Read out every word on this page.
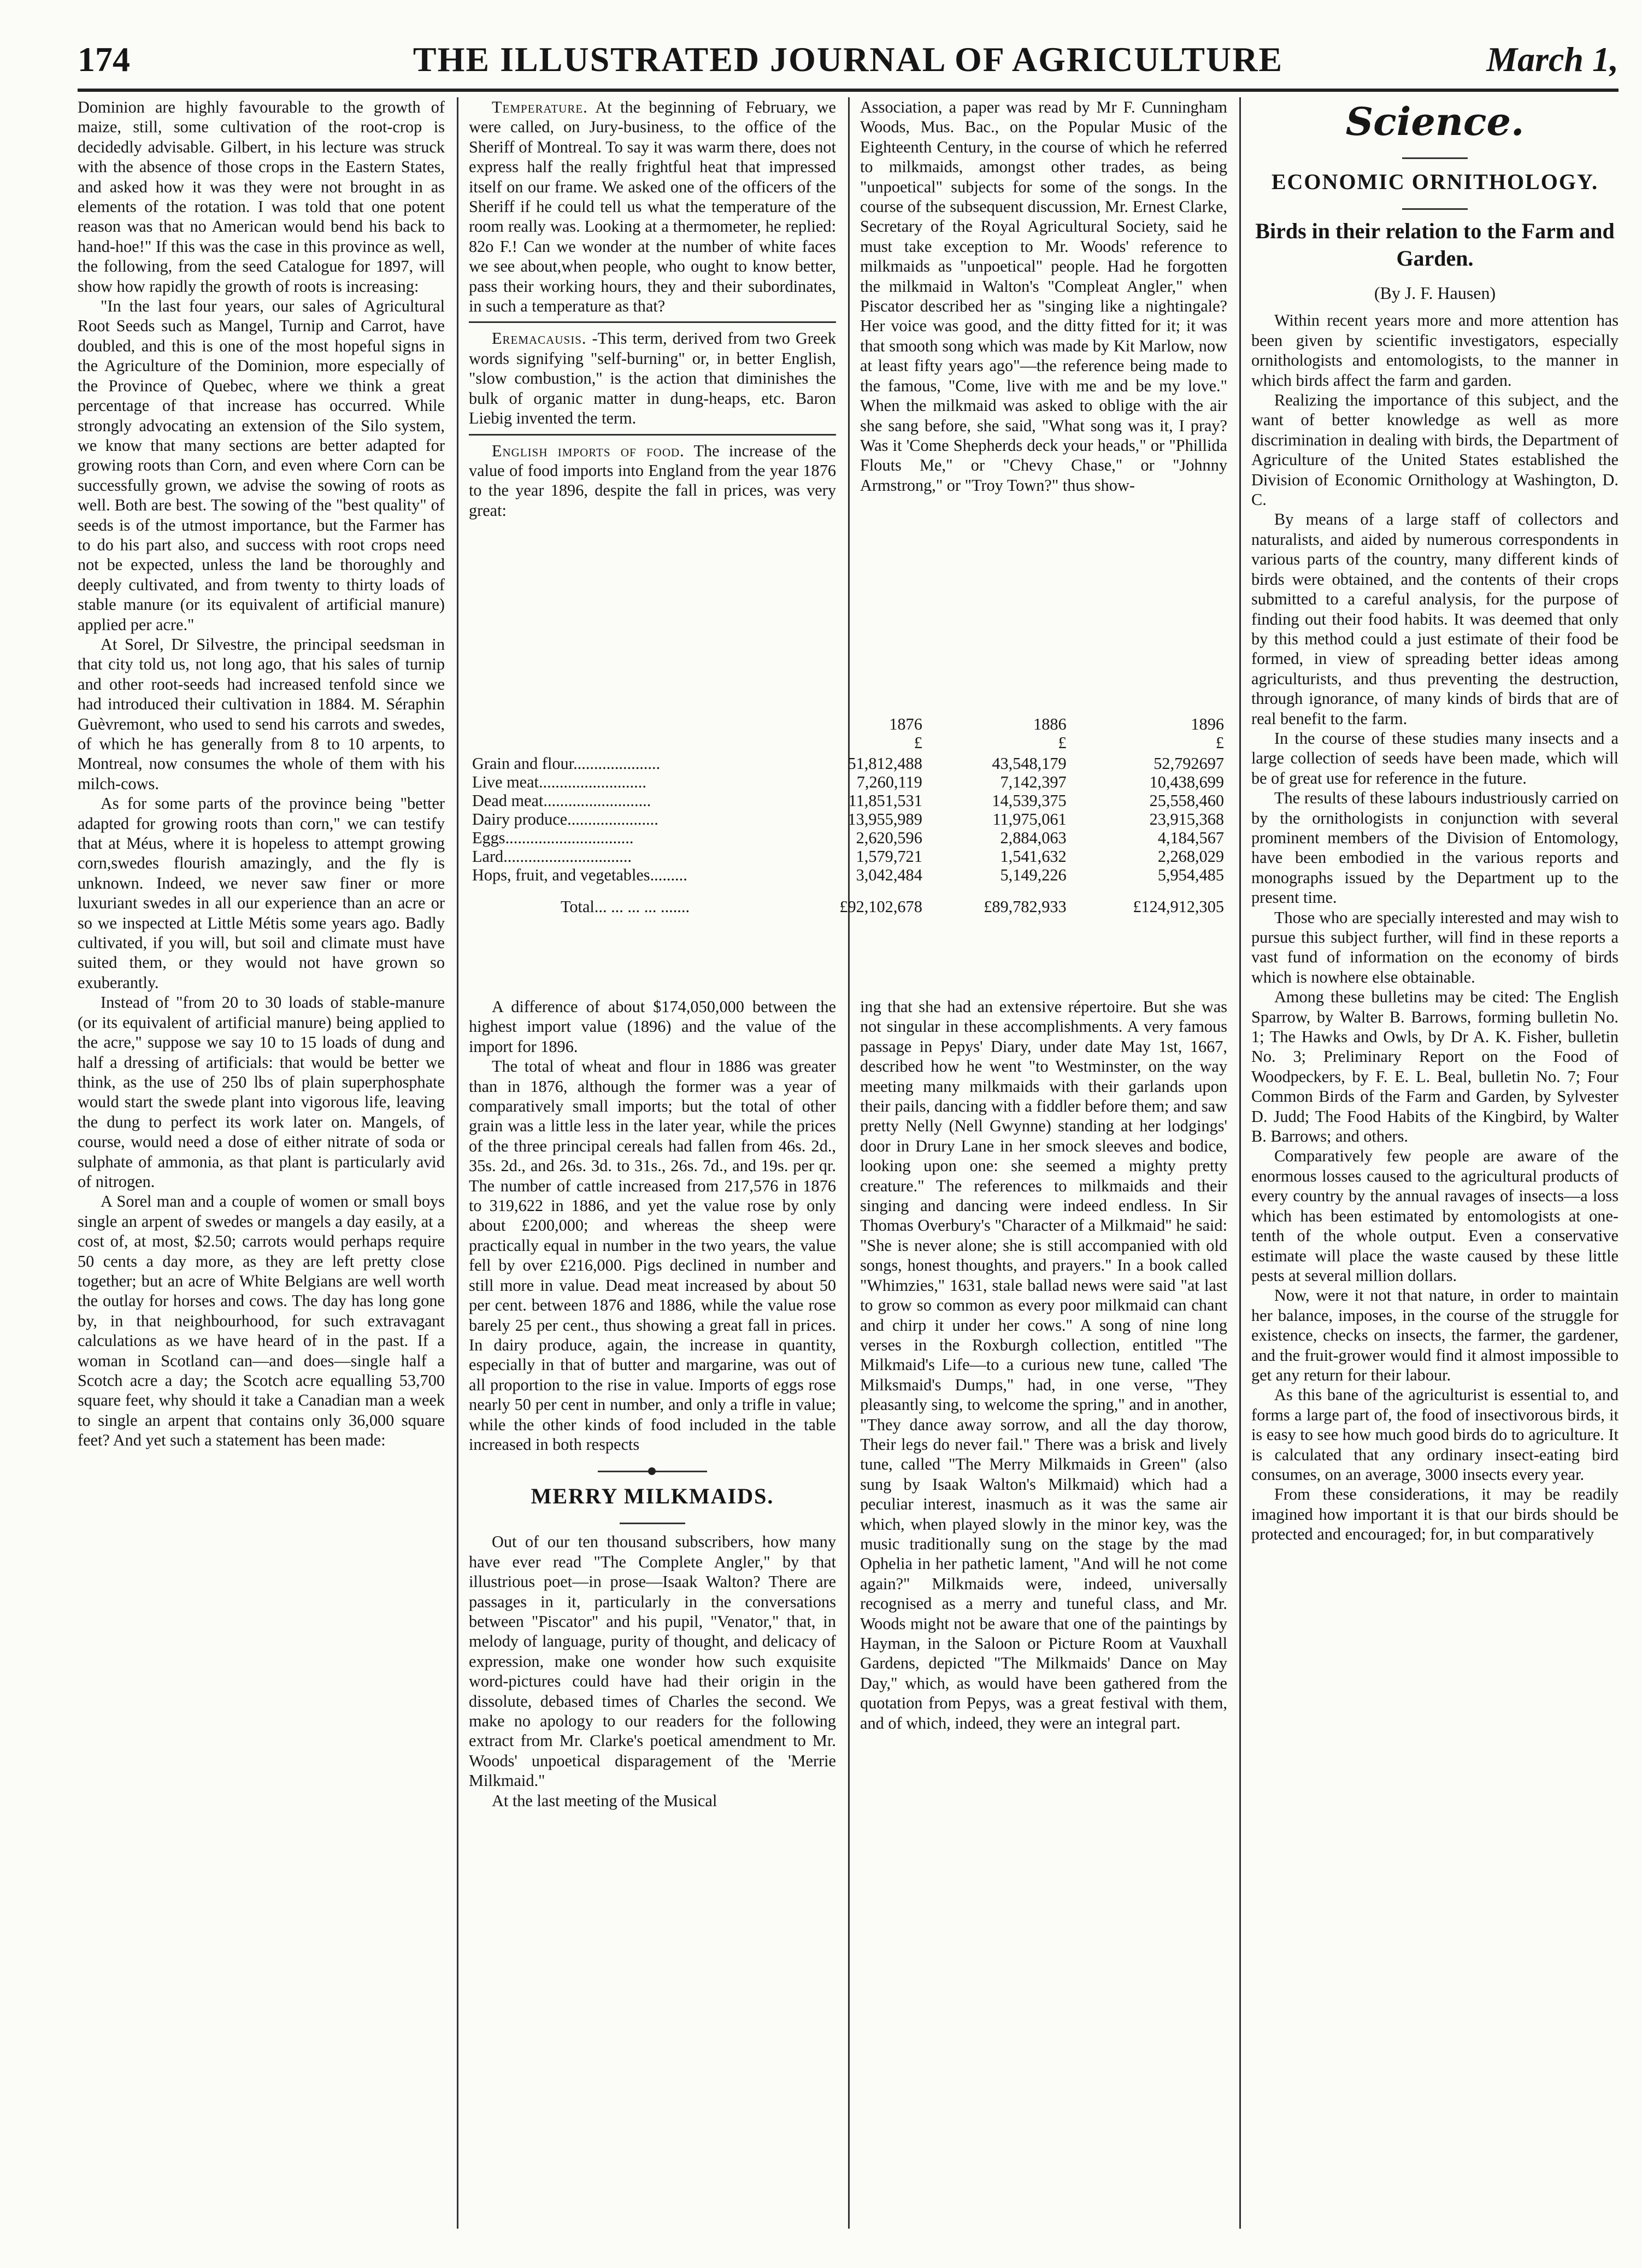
174	THE ILLUSTRATED JOURNAL OF AGRICULTURE	March 1,

Dominion are highly favourable to the growth of maize, still, some cultivation of the root-crop is decidedly advisable. Gilbert, in his lecture was struck with the absence of those crops in the Eastern States, and asked how it was they were not brought in as elements of the rotation. I was told that one potent reason was that no American would bend his back to hand-hoe!" If this was the case in this province as well, the following, from the seed Catalogue for 1897, will show how rapidly the growth of roots is increasing:

"In the last four years, our sales of Agricultural Root Seeds such as Mangel, Turnip and Carrot, have doubled, and this is one of the most hopeful signs in the Agriculture of the Dominion, more especially of the Province of Quebec, where we think a great percentage of that increase has occurred. While strongly advocating an extension of the Silo system, we know that many sections are better adapted for growing roots than Corn, and even where Corn can be successfully grown, we advise the sowing of roots as well. Both are best. The sowing of the "best quality" of seeds is of the utmost importance, but the Farmer has to do his part also, and success with root crops need not be expected, unless the land be thoroughly and deeply cultivated, and from twenty to thirty loads of stable manure (or its equivalent of artificial manure) applied per acre."

At Sorel, Dr Silvestre, the principal seedsman in that city told us, not long ago, that his sales of turnip and other root-seeds had increased tenfold since we had introduced their cultivation in 1884. M. Séraphin Guèvremont, who used to send his carrots and swedes, of which he has generally from 8 to 10 arpents, to Montreal, now consumes the whole of them with his milch-cows.

As for some parts of the province being "better adapted for growing roots than corn," we can testify that at Méus, where it is hopeless to attempt growing corn,swedes flourish amazingly, and the fly is unknown. Indeed, we never saw finer or more luxuriant swedes in all our experience than an acre or so we inspected at Little Métis some years ago. Badly cultivated, if you will, but soil and climate must have suited them, or they would not have grown so exuberantly.

Instead of "from 20 to 30 loads of stable-manure (or its equivalent of artificial manure) being applied to the acre," suppose we say 10 to 15 loads of dung and half a dressing of artificials: that would be better we think, as the use of 250 lbs of plain superphosphate would start the swede plant into vigorous life, leaving the dung to perfect its work later on. Mangels, of course, would need a dose of either nitrate of soda or sulphate of ammonia, as that plant is particularly avid of nitrogen.

A Sorel man and a couple of women or small boys single an arpent of swedes or mangels a day easily, at a cost of, at most, $2.50; carrots would perhaps require 50 cents a day more, as they are left pretty close together; but an acre of White Belgians are well worth the outlay for horses and cows. The day has long gone by, in that neighbourhood, for such extravagant calculations as we have heard of in the past. If a woman in Scotland can—and does—single half a Scotch acre a day; the Scotch acre equalling 53,700 square feet, why should it take a Canadian man a week to single an arpent that contains only 36,000 square feet? And yet such a statement has been made:

Temperature. At the beginning of February, we were called, on Jury-business, to the office of the Sheriff of Montreal. To say it was warm there, does not express half the really frightful heat that impressed itself on our frame. We asked one of the officers of the Sheriff if he could tell us what the temperature of the room really was. Looking at a thermometer, he replied: 82o F.! Can we wonder at the number of white faces we see about,when people, who ought to know better, pass their working hours, they and their subordinates, in such a temperature as that?

Eremacausis. -This term, derived from two Greek words signifying "self-burning" or, in better English, "slow combustion," is the action that diminishes the bulk of organic matter in dung-heaps, etc. Baron Liebig invented the term.

English imports of food. The increase of the value of food imports into England from the year 1876 to the year 1896, despite the fall in prices, was very great:

Association, a paper was read by Mr F. Cunningham Woods, Mus. Bac., on the Popular Music of the Eighteenth Century, in the course of which he referred to milkmaids, amongst other trades, as being "unpoetical" subjects for some of the songs. In the course of the subsequent discussion, Mr. Ernest Clarke, Secretary of the Royal Agricultural Society, said he must take exception to Mr. Woods' reference to milkmaids as "unpoetical" people. Had he forgotten the milkmaid in Walton's "Compleat Angler," when Piscator described her as "singing like a nightingale? Her voice was good, and the ditty fitted for it; it was that smooth song which was made by Kit Marlow, now at least fifty years ago"—the reference being made to the famous, "Come, live with me and be my love." When the milkmaid was asked to oblige with the air she sang before, she said, "What song was it, I pray? Was it 'Come Shepherds deck your heads," or "Phillida Flouts Me," or "Chevy Chase," or "Johnny Armstrong," or "Troy Town?" thus show-

	1876	1886	1896
	£	£	£
Grain and flour.....................	51,812,488	43,548,179	52,792697
Live meat..........................	7,260,119	7,142,397	10,438,699
Dead meat..........................	11,851,531	14,539,375	25,558,460
Dairy produce......................	13,955,989	11,975,061	23,915,368
Eggs...............................	2,620,596	2,884,063	4,184,567
Lard...............................	1,579,721	1,541,632	2,268,029
Hops, fruit, and vegetables.........	3,042,484	5,149,226	5,954,485
Total... ... ... ... .......	£92,102,678	£89,782,933	£124,912,305

A difference of about $174,050,000 between the highest import value (1896) and the value of the import for 1896.

The total of wheat and flour in 1886 was greater than in 1876, although the former was a year of comparatively small imports; but the total of other grain was a little less in the later year, while the prices of the three principal cereals had fallen from 46s. 2d., 35s. 2d., and 26s. 3d. to 31s., 26s. 7d., and 19s. per qr. The number of cattle increased from 217,576 in 1876 to 319,622 in 1886, and yet the value rose by only about £200,000; and whereas the sheep were practically equal in number in the two years, the value fell by over £216,000. Pigs declined in number and still more in value. Dead meat increased by about 50 per cent. between 1876 and 1886, while the value rose barely 25 per cent., thus showing a great fall in prices. In dairy produce, again, the increase in quantity, especially in that of butter and margarine, was out of all proportion to the rise in value. Imports of eggs rose nearly 50 per cent in number, and only a trifle in value; while the other kinds of food included in the table increased in both respects

MERRY MILKMAIDS.

Out of our ten thousand subscribers, how many have ever read "The Complete Angler," by that illustrious poet—in prose—Isaak Walton? There are passages in it, particularly in the conversations between "Piscator" and his pupil, "Venator," that, in melody of language, purity of thought, and delicacy of expression, make one wonder how such exquisite word-pictures could have had their origin in the dissolute, debased times of Charles the second. We make no apology to our readers for the following extract from Mr. Clarke's poetical amendment to Mr. Woods' unpoetical disparagement of the 'Merrie Milkmaid."

At the last meeting of the Musical

ing that she had an extensive répertoire. But she was not singular in these accomplishments. A very famous passage in Pepys' Diary, under date May 1st, 1667, described how he went "to Westminster, on the way meeting many milkmaids with their garlands upon their pails, dancing with a fiddler before them; and saw pretty Nelly (Nell Gwynne) standing at her lodgings' door in Drury Lane in her smock sleeves and bodice, looking upon one: she seemed a mighty pretty creature." The references to milkmaids and their singing and dancing were indeed endless. In Sir Thomas Overbury's "Character of a Milkmaid" he said: "She is never alone; she is still accompanied with old songs, honest thoughts, and prayers." In a book called "Whimzies," 1631, stale ballad news were said "at last to grow so common as every poor milkmaid can chant and chirp it under her cows." A song of nine long verses in the Roxburgh collection, entitled "The Milkmaid's Life—to a curious new tune, called 'The Milksmaid's Dumps," had, in one verse, "They pleasantly sing, to welcome the spring," and in another, "They dance away sorrow, and all the day thorow, Their legs do never fail." There was a brisk and lively tune, called "The Merry Milkmaids in Green" (also sung by Isaak Walton's Milkmaid) which had a peculiar interest, inasmuch as it was the same air which, when played slowly in the minor key, was the music traditionally sung on the stage by the mad Ophelia in her pathetic lament, "And will he not come again?" Milkmaids were, indeed, universally recognised as a merry and tuneful class, and Mr. Woods might not be aware that one of the paintings by Hayman, in the Saloon or Picture Room at Vauxhall Gardens, depicted "The Milkmaids' Dance on May Day," which, as would have been gathered from the quotation from Pepys, was a great festival with them, and of which, indeed, they were an integral part.

Science.
ECONOMIC ORNITHOLOGY.
Birds in their relation to the Farm and Garden.
(By J. F. Hausen)

Within recent years more and more attention has been given by scientific investigators, especially ornithologists and entomologists, to the manner in which birds affect the farm and garden.

Realizing the importance of this subject, and the want of better knowledge as well as more discrimination in dealing with birds, the Department of Agriculture of the United States established the Division of Economic Ornithology at Washington, D. C.

By means of a large staff of collectors and naturalists, and aided by numerous correspondents in various parts of the country, many different kinds of birds were obtained, and the contents of their crops submitted to a careful analysis, for the purpose of finding out their food habits. It was deemed that only by this method could a just estimate of their food be formed, in view of spreading better ideas among agriculturists, and thus preventing the destruction, through ignorance, of many kinds of birds that are of real benefit to the farm.

In the course of these studies many insects and a large collection of seeds have been made, which will be of great use for reference in the future.

The results of these labours industriously carried on by the ornithologists in conjunction with several prominent members of the Division of Entomology, have been embodied in the various reports and monographs issued by the Department up to the present time.

Those who are specially interested and may wish to pursue this subject further, will find in these reports a vast fund of information on the economy of birds which is nowhere else obtainable.

Among these bulletins may be cited: The English Sparrow, by Walter B. Barrows, forming bulletin No. 1; The Hawks and Owls, by Dr A. K. Fisher, bulletin No. 3; Preliminary Report on the Food of Woodpeckers, by F. E. L. Beal, bulletin No. 7; Four Common Birds of the Farm and Garden, by Sylvester D. Judd; The Food Habits of the Kingbird, by Walter B. Barrows; and others.

Comparatively few people are aware of the enormous losses caused to the agricultural products of every country by the annual ravages of insects—a loss which has been estimated by entomologists at one-tenth of the whole output. Even a conservative estimate will place the waste caused by these little pests at several million dollars.

Now, were it not that nature, in order to maintain her balance, imposes, in the course of the struggle for existence, checks on insects, the farmer, the gardener, and the fruit-grower would find it almost impossible to get any return for their labour.

As this bane of the agriculturist is essential to, and forms a large part of, the food of insectivorous birds, it is easy to see how much good birds do to agriculture. It is calculated that any ordinary insect-eating bird consumes, on an average, 3000 insects every year.

From these considerations, it may be readily imagined how important it is that our birds should be protected and encouraged; for, in but comparatively
